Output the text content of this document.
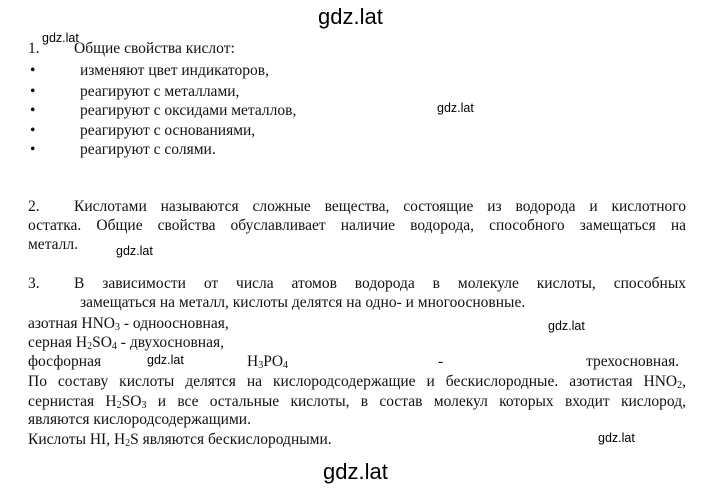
gdz.lat
gdz.lat
gdz.lat
gdz.lat
gdz.lat
gdz.lat
gdz.lat
gdz.lat
1. Общие свойства кислот:
•	изменяют цвет индикаторов,
•	реагируют с металлами,
•	реагируют с оксидами металлов,
•	реагируют с основаниями,
•	реагируют с солями.
2. Кислотами называются сложные вещества, состоящие из водорода и кислотного
остатка. Общие свойства обуславливает наличие водорода, способного замещаться на
металл.
3. В зависимости от числа атомов водорода в молекуле кислоты, способных
замещаться на металл, кислоты делятся на одно- и многоосновные.
азотная $HNO_3$ - одноосновная,
серная $H_2SO_4$ - двухосновная,
фосфорная	$H_3PO_4$	-	трехосновная.
По составу кислоты делятся на кислородсодержащие и бескислородные. азотистая $HNO_2$,
сернистая $H_2SO_3$ и все остальные кислоты, в состав молекул которых входит кислород,
являются кислородсодержащими.
Кислоты HI, $H_2S$ являются бескислородными.
